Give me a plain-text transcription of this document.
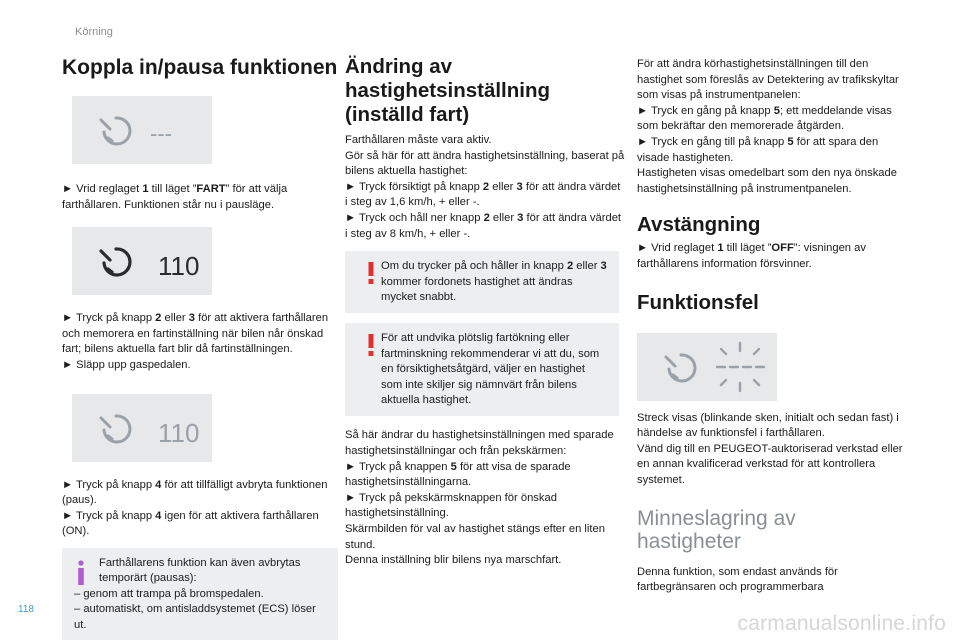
Körning
Koppla in/pausa funktionen
---

► Vrid reglaget 1 till läget ”FART” för att välja farthållaren. Funktionen står nu i pausläge.

110

► Tryck på knapp 2 eller 3 för att aktivera farthållaren och memorera en fartinställning när bilen når önskad fart; bilens aktuella fart blir då fartinställningen.

► Släpp upp gaspedalen.

110

► Tryck på knapp 4 för att tillfälligt avbryta funktionen (paus).

► Tryck på knapp 4 igen för att aktivera farthållaren (ON).

Farthållarens funktion kan även avbrytas temporärt (pausas):
– genom att trampa på bromspedalen.
– automatiskt, om antisladdsystemet (ECS) löser ut.
Ändring av hastighetsinställning (inställd fart)

Farthållaren måste vara aktiv.

Gör så här för att ändra hastighetsinställning, baserat på bilens aktuella hastighet:

► Tryck försiktigt på knapp 2 eller 3 för att ändra värdet i steg av 1,6 km/h, + eller -.

► Tryck och håll ner knapp 2 eller 3 för att ändra värdet i steg av 8 km/h, + eller -.

Om du trycker på och håller in knapp 2 eller 3 kommer fordonets hastighet att ändras mycket snabbt.
För att undvika plötslig fartökning eller fartminskning rekommenderar vi att du, som en försiktighetsåtgärd, väljer en hastighet som inte skiljer sig nämnvärt från bilens aktuella hastighet.

Så här ändrar du hastighetsinställningen med sparade hastighetsinställningar och från pekskärmen:

► Tryck på knappen 5 för att visa de sparade hastighetsinställningarna.

► Tryck på pekskärmsknappen för önskad hastighetsinställning.

Skärmbilden för val av hastighet stängs efter en liten stund.

Denna inställning blir bilens nya marschfart.

För att ändra körhastighetsinställningen till den hastighet som föreslås av Detektering av trafikskyltar som visas på instrumentpanelen:

► Tryck en gång på knapp 5; ett meddelande visas som bekräftar den memorerade åtgärden.

► Tryck en gång till på knapp 5 för att spara den visade hastigheten.

Hastigheten visas omedelbart som den nya önskade hastighetsinställning på instrumentpanelen.

Avstängning

► Vrid reglaget 1 till läget ”OFF”: visningen av farthållarens information försvinner.

Funktionsfel

Streck visas (blinkande sken, initialt och sedan fast) i händelse av funktionsfel i farthållaren.

Vänd dig till en PEUGEOT-auktoriserad verkstad eller en annan kvalificerad verkstad för att kontrollera systemet.

Minneslagring av hastigheter

Denna funktion, som endast används för fartbegränsaren och programmerbara

118
carmanualsonline.info
